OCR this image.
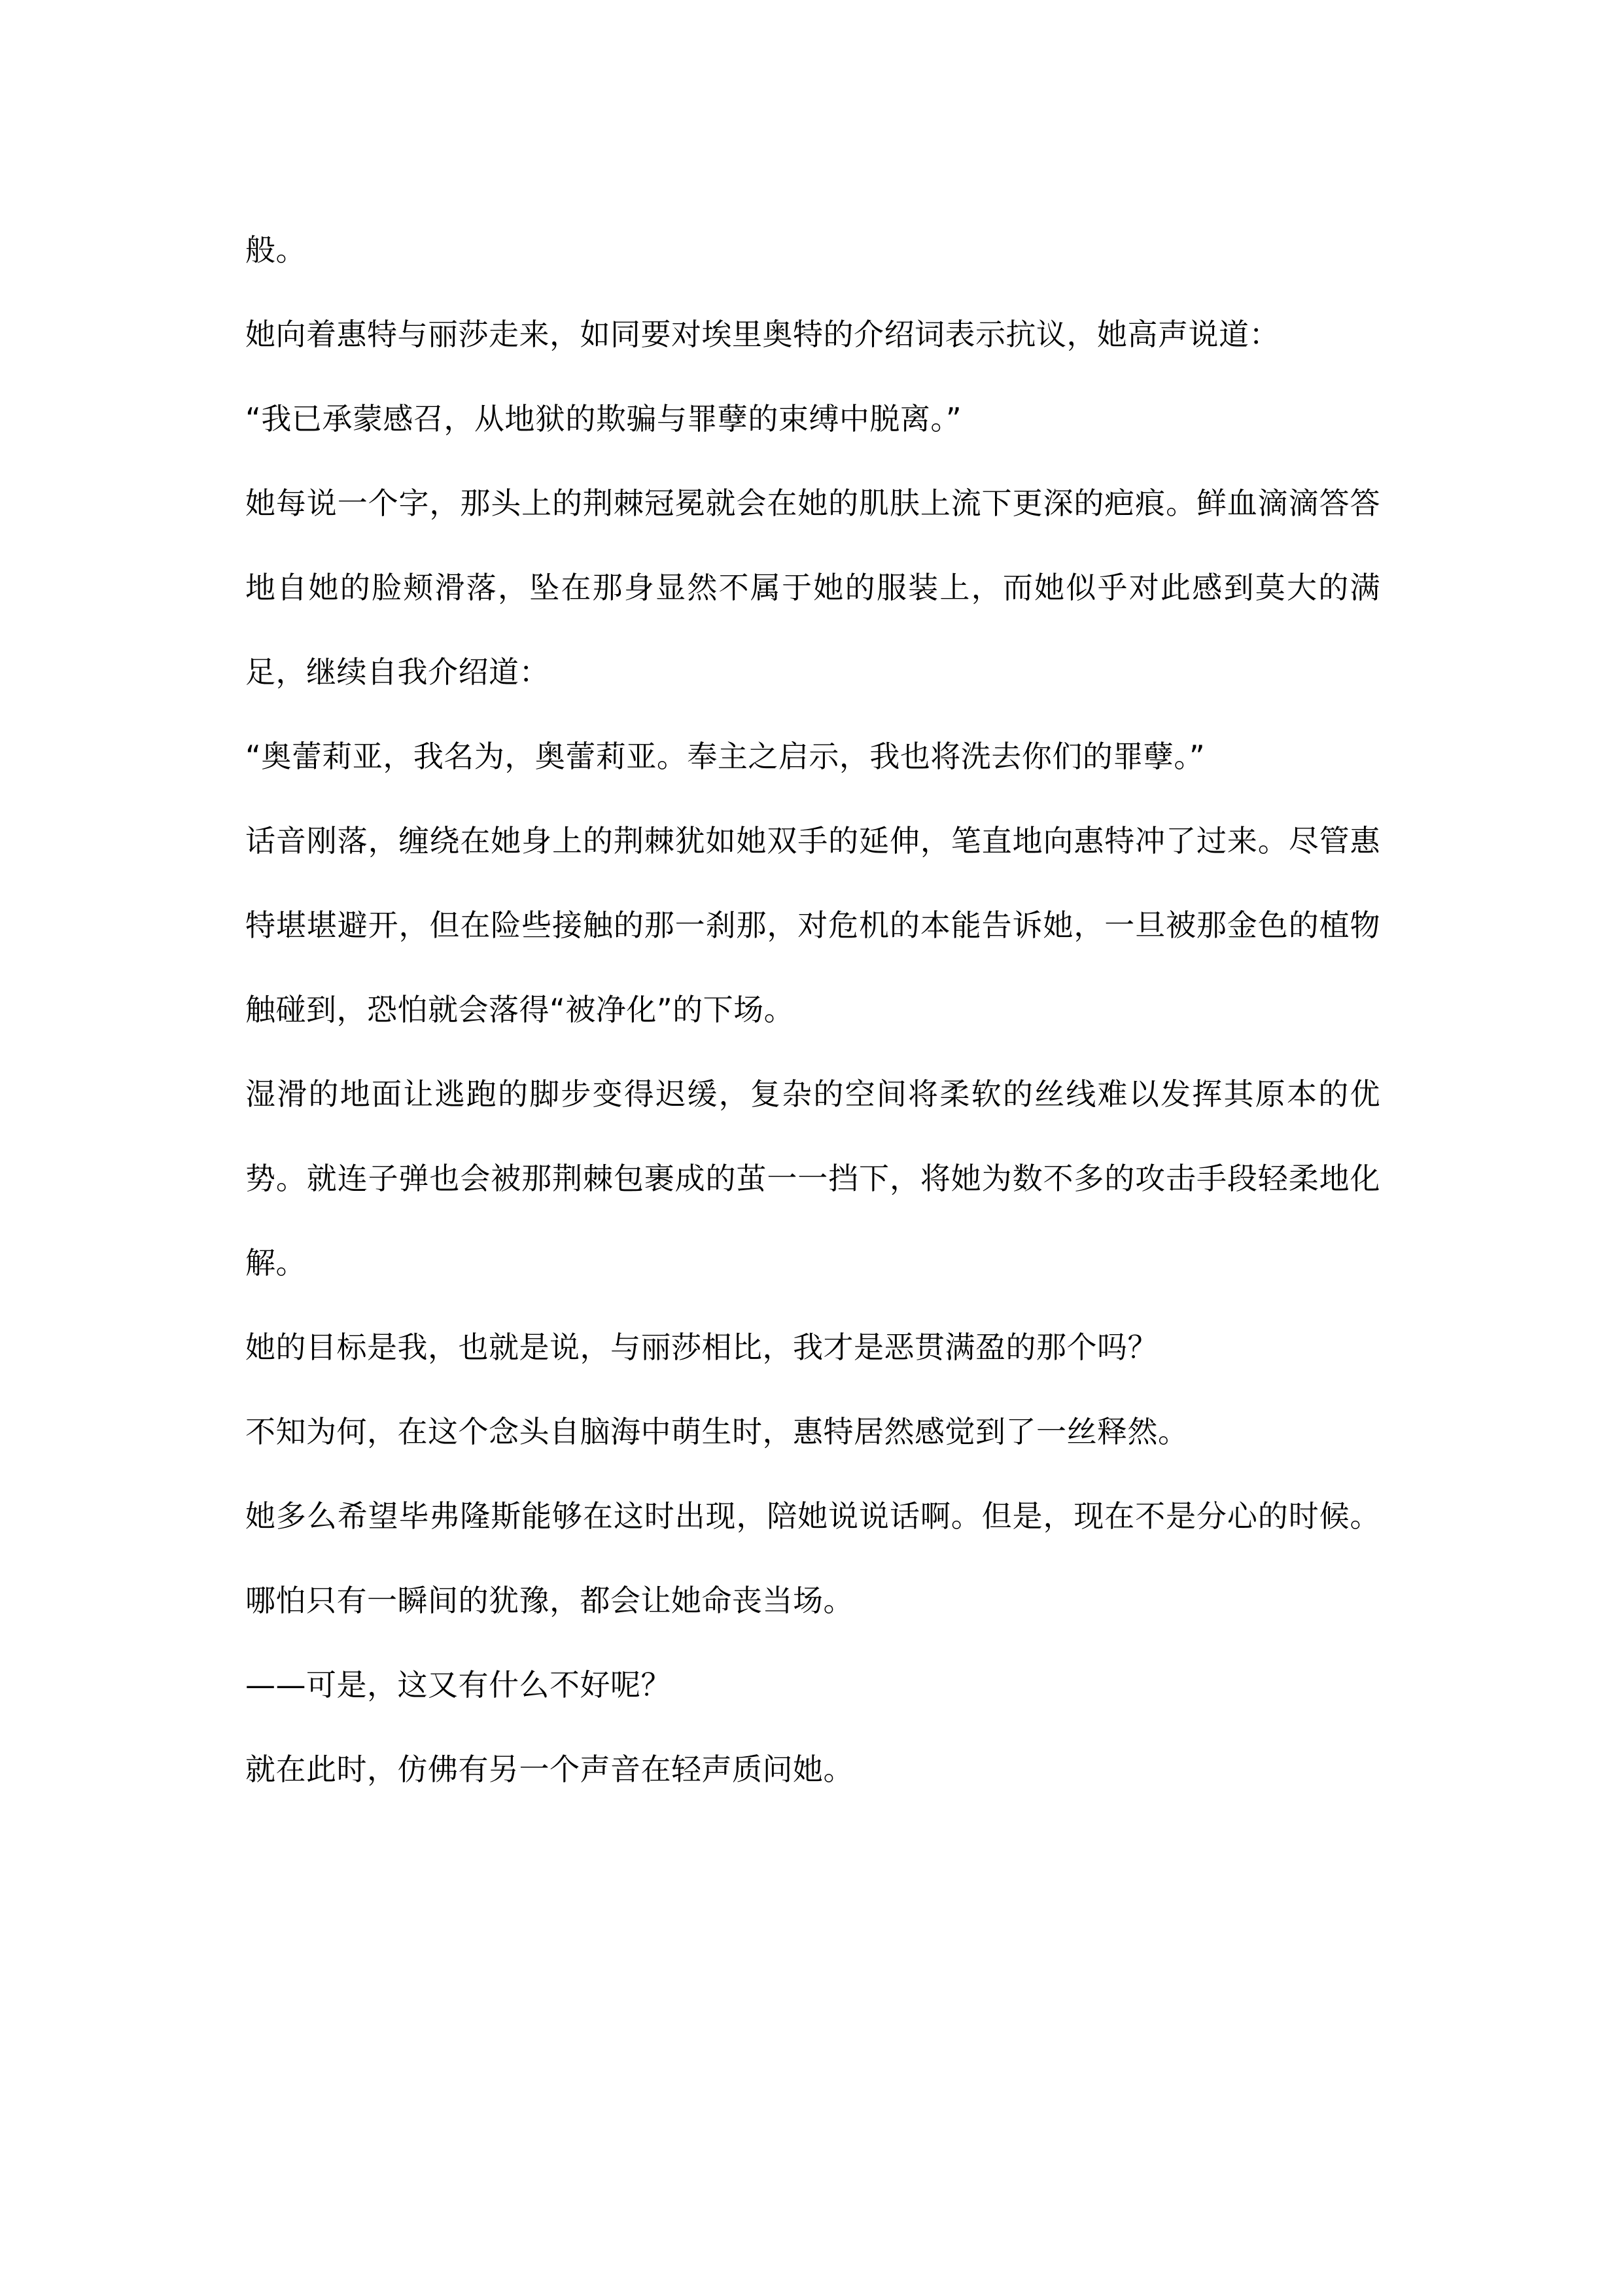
般。

她向着惠特与丽莎走来，如同要对埃里奥特的介绍词表示抗议，她高声说道：

“我已承蒙感召，从地狱的欺骗与罪孽的束缚中脱离。”

她每说一个字，那头上的荆棘冠冕就会在她的肌肤上流下更深的疤痕。鲜血滴滴答答地自她的脸颊滑落，坠在那身显然不属于她的服装上，而她似乎对此感到莫大的满足，继续自我介绍道：

“奥蕾莉亚，我名为，奥蕾莉亚。奉主之启示，我也将洗去你们的罪孽。”

话音刚落，缠绕在她身上的荆棘犹如她双手的延伸，笔直地向惠特冲了过来。尽管惠特堪堪避开，但在险些接触的那一刹那，对危机的本能告诉她，一旦被那金色的植物触碰到，恐怕就会落得“被净化”的下场。

湿滑的地面让逃跑的脚步变得迟缓，复杂的空间将柔软的丝线难以发挥其原本的优势。就连子弹也会被那荆棘包裹成的茧一一挡下，将她为数不多的攻击手段轻柔地化解。

她的目标是我，也就是说，与丽莎相比，我才是恶贯满盈的那个吗？

不知为何，在这个念头自脑海中萌生时，惠特居然感觉到了一丝释然。

她多么希望毕弗隆斯能够在这时出现，陪她说说话啊。但是，现在不是分心的时候。哪怕只有一瞬间的犹豫，都会让她命丧当场。

——可是，这又有什么不好呢？

就在此时，仿佛有另一个声音在轻声质问她。
